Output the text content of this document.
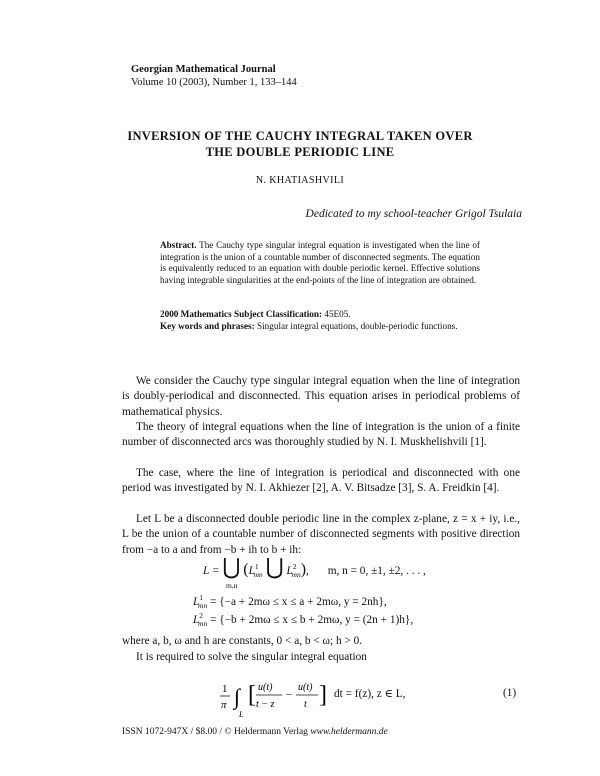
Georgian Mathematical Journal
Volume 10 (2003), Number 1, 133–144
INVERSION OF THE CAUCHY INTEGRAL TAKEN OVER
THE DOUBLE PERIODIC LINE
N. KHATIASHVILI
Dedicated to my school-teacher Grigol Tsulaia
Abstract. The Cauchy type singular integral equation is investigated when the line of integration is the union of a countable number of disconnected segments. The equation is equivalently reduced to an equation with double periodic kernel. Effective solutions having integrable singularities at the end-points of the line of integration are obtained.
2000 Mathematics Subject Classification: 45E05.
Key words and phrases: Singular integral equations, double-periodic functions.
We consider the Cauchy type singular integral equation when the line of integration is doubly-periodical and disconnected. This equation arises in periodical problems of mathematical physics.
The theory of integral equations when the line of integration is the union of a finite number of disconnected arcs was thoroughly studied by N. I. Muskhelishvili [1].
The case, where the line of integration is periodical and disconnected with one period was investigated by N. I. Akhiezer [2], A. V. Bitsadze [3], S. A. Freidkin [4].
Let L be a disconnected double periodic line in the complex z-plane, z = x + iy, i.e., L be the union of a countable number of disconnected segments with positive direction from −a to a and from −b + ih to b + ih:
L = ⋃ ($L^1_{mn}$ ⋃ $L^2_{mn}$), m, n = 0, ±1, ±2, . . . ,
m,n
$L^1_{mn} = \{-a + 2m\omega \le x \le a + 2m\omega$, y = 2nh},
$L^2_{mn} = \{-b + 2m\omega \le x \le b + 2m\omega$, y = (2n + 1)h},
where a, b, ω and h are constants, 0 < a, b < ω; h > 0.
It is required to solve the singular integral equation
1
π ∫
L
[ u(t)
t − z
−
u(t)
t ] dt = f(z), z ∈ L,	(1)
ISSN 1072-947X / $8.00 / © Heldermann Verlag www.heldermann.de
